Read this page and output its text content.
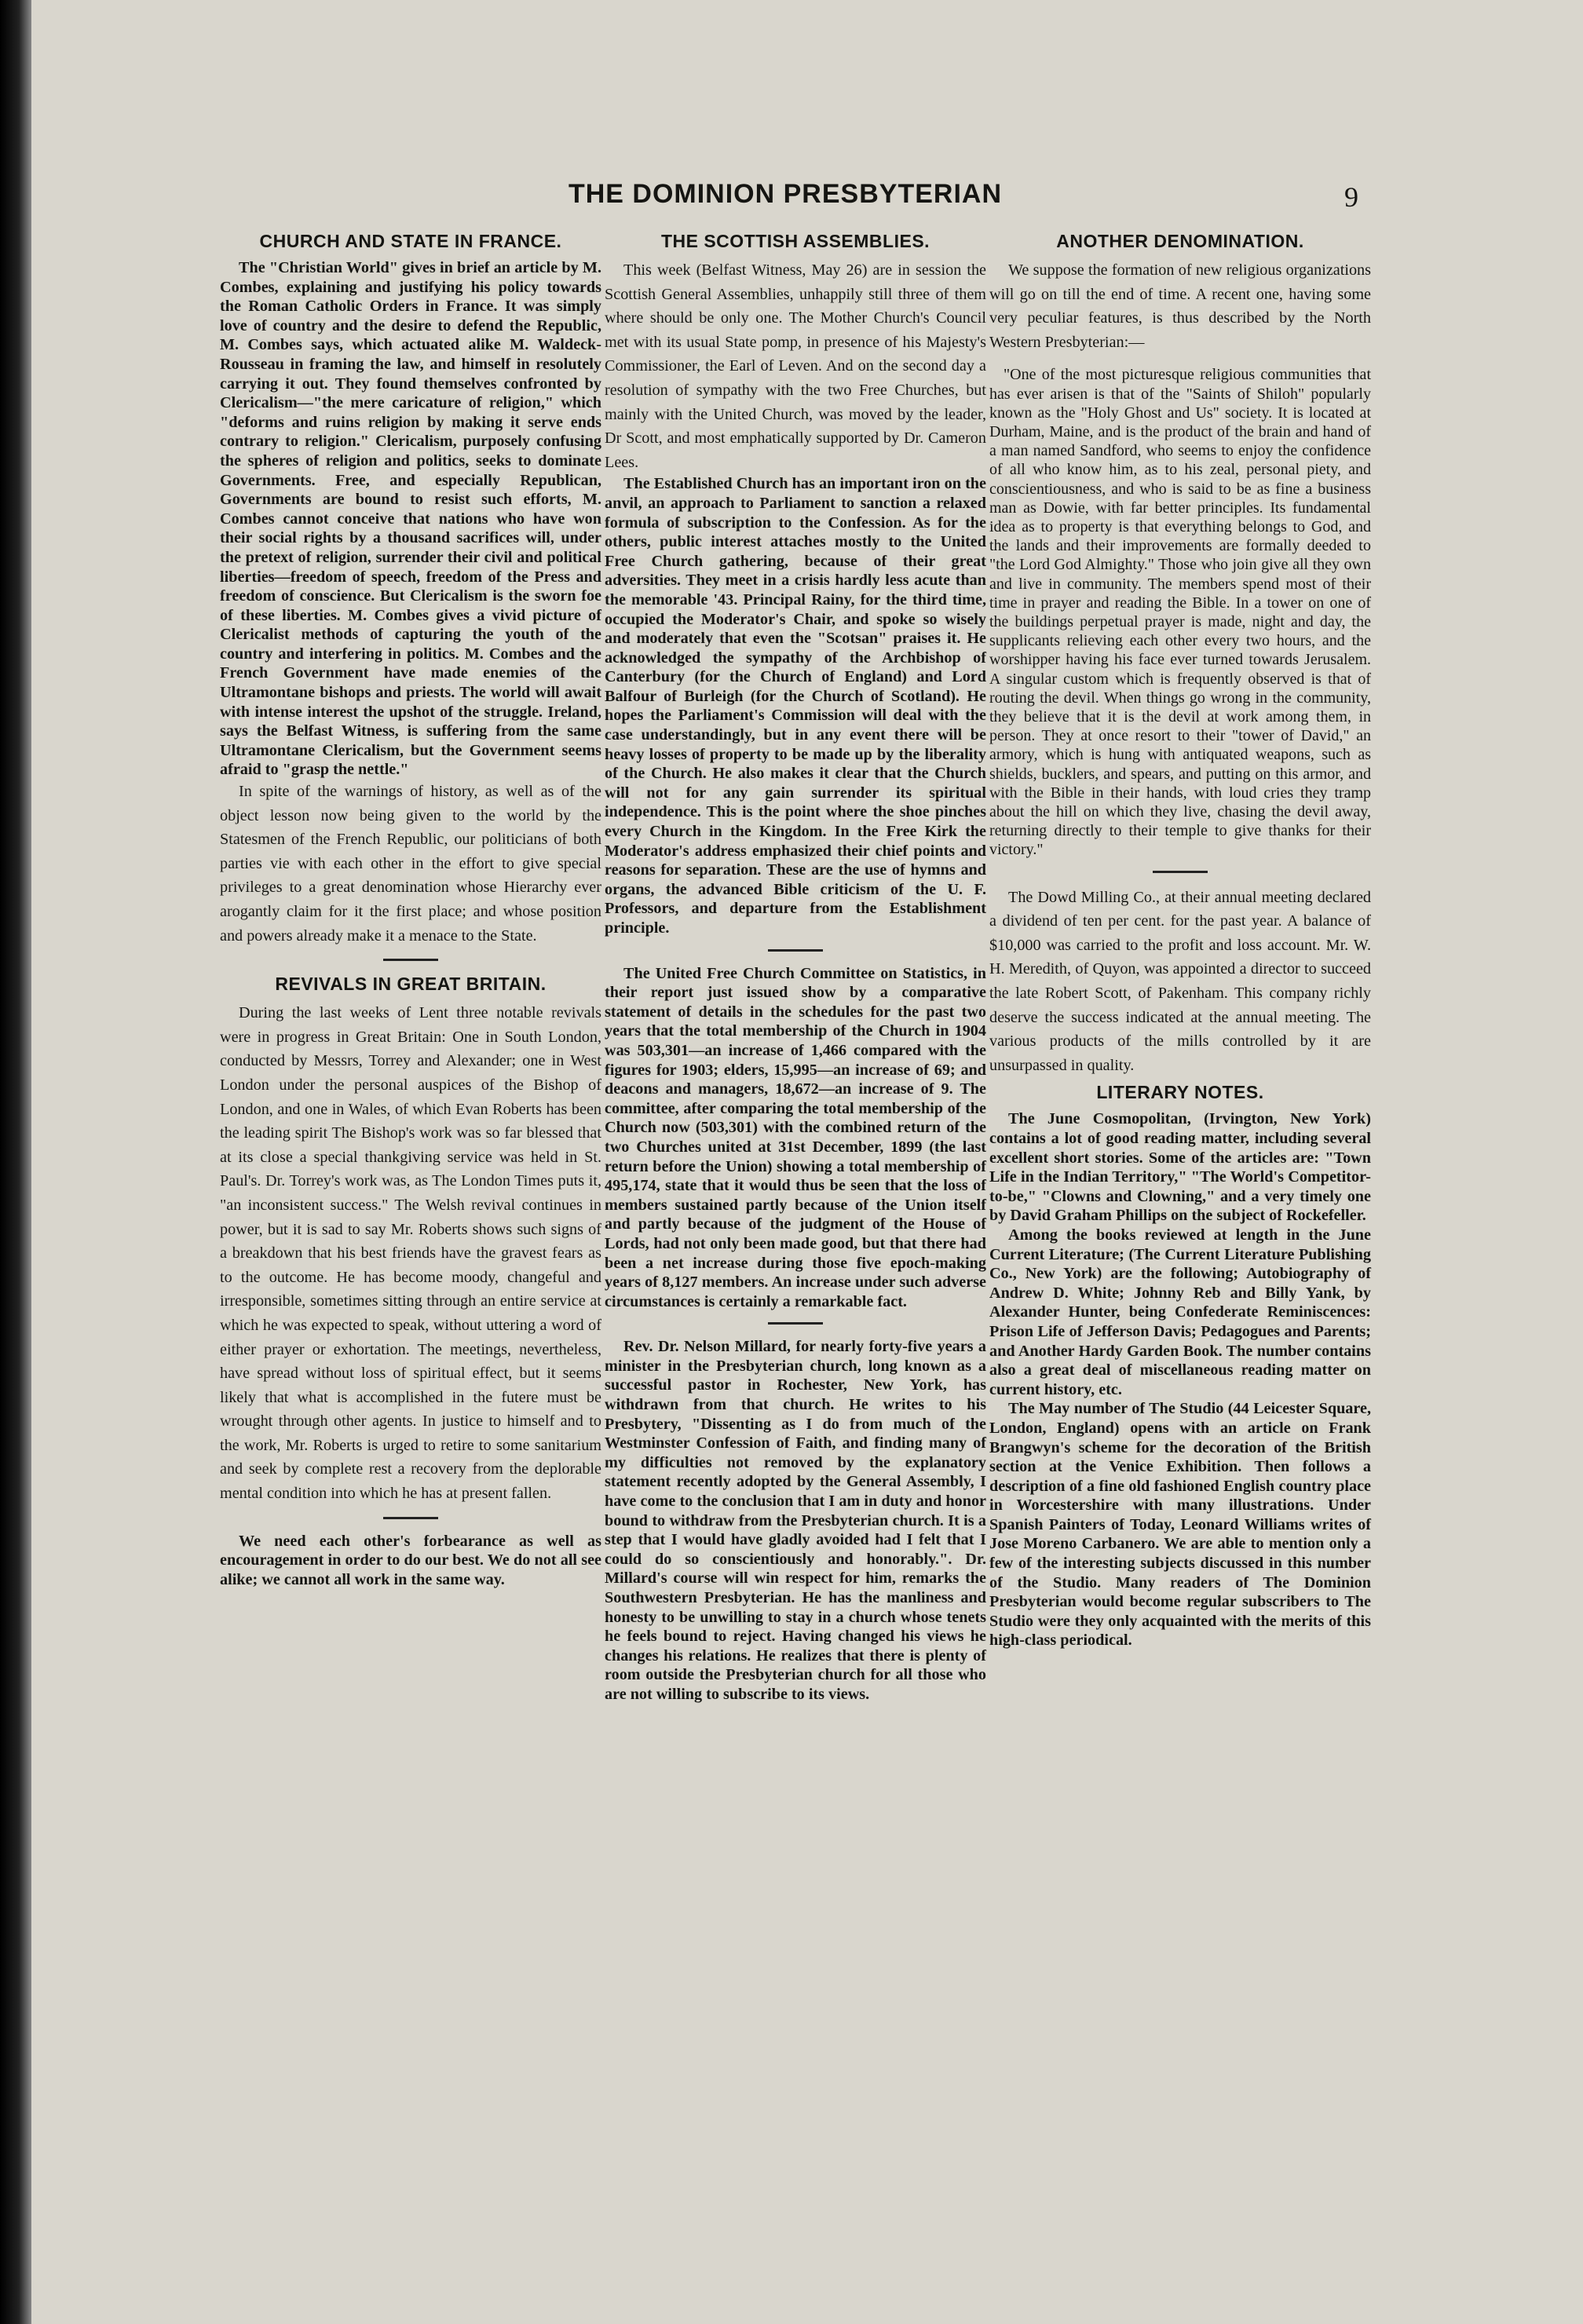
THE DOMINION PRESBYTERIAN	9
CHURCH AND STATE IN FRANCE.

The "Christian World" gives in brief an article by M. Combes, explaining and justifying his policy towards the Roman Catholic Orders in France. It was simply love of country and the desire to defend the Republic, M. Combes says, which actuated alike M. Waldeck-Rousseau in framing the law, and himself in resolutely carrying it out. They found themselves confronted by Clericalism—"the mere caricature of religion," which "deforms and ruins religion by making it serve ends contrary to religion." Clericalism, purposely confusing the spheres of religion and politics, seeks to dominate Governments. Free, and especially Republican, Governments are bound to resist such efforts, M. Combes cannot conceive that nations who have won their social rights by a thousand sacrifices will, under the pretext of religion, surrender their civil and political liberties—freedom of speech, freedom of the Press and freedom of conscience. But Clericalism is the sworn foe of these liberties. M. Combes gives a vivid picture of Clericalist methods of capturing the youth of the country and interfering in politics. M. Combes and the French Government have made enemies of the Ultramontane bishops and priests. The world will await with intense interest the upshot of the struggle. Ireland, says the Belfast Witness, is suffering from the same Ultramontane Clericalism, but the Government seems afraid to "grasp the nettle."

In spite of the warnings of history, as well as of the object lesson now being given to the world by the Statesmen of the French Republic, our politicians of both parties vie with each other in the effort to give special privileges to a great denomination whose Hierarchy ever arogantly claim for it the first place; and whose position and powers already make it a menace to the State.

REVIVALS IN GREAT BRITAIN.

During the last weeks of Lent three notable revivals were in progress in Great Britain: One in South London, conducted by Messrs, Torrey and Alexander; one in West London under the personal auspices of the Bishop of London, and one in Wales, of which Evan Roberts has been the leading spirit The Bishop's work was so far blessed that at its close a special thankgiving service was held in St. Paul's. Dr. Torrey's work was, as The London Times puts it, "an inconsistent success." The Welsh revival continues in power, but it is sad to say Mr. Roberts shows such signs of a breakdown that his best friends have the gravest fears as to the outcome. He has become moody, changeful and irresponsible, sometimes sitting through an entire service at which he was expected to speak, without uttering a word of either prayer or exhortation. The meetings, nevertheless, have spread without loss of spiritual effect, but it seems likely that what is accomplished in the futere must be wrought through other agents. In justice to himself and to the work, Mr. Roberts is urged to retire to some sanitarium and seek by complete rest a recovery from the deplorable mental condition into which he has at present fallen.

We need each other's forbearance as well as encouragement in order to do our best. We do not all see alike; we cannot all work in the same way.

THE SCOTTISH ASSEMBLIES.

This week (Belfast Witness, May 26) are in session the Scottish General Assemblies, unhappily still three of them where should be only one. The Mother Church's Council met with its usual State pomp, in presence of his Majesty's Commissioner, the Earl of Leven. And on the second day a resolution of sympathy with the two Free Churches, but mainly with the United Church, was moved by the leader, Dr Scott, and most emphatically supported by Dr. Cameron Lees.

The Established Church has an important iron on the anvil, an approach to Parliament to sanction a relaxed formula of subscription to the Confession. As for the others, public interest attaches mostly to the United Free Church gathering, because of their great adversities. They meet in a crisis hardly less acute than the memorable '43. Principal Rainy, for the third time, occupied the Moderator's Chair, and spoke so wisely and moderately that even the "Scotsan" praises it. He acknowledged the sympathy of the Archbishop of Canterbury (for the Church of England) and Lord Balfour of Burleigh (for the Church of Scotland). He hopes the Parliament's Commission will deal with the case understandingly, but in any event there will be heavy losses of property to be made up by the liberality of the Church. He also makes it clear that the Church will not for any gain surrender its spiritual independence. This is the point where the shoe pinches every Church in the Kingdom. In the Free Kirk the Moderator's address emphasized their chief points and reasons for separation. These are the use of hymns and organs, the advanced Bible criticism of the U. F. Professors, and departure from the Establishment principle.

The United Free Church Committee on Statistics, in their report just issued show by a comparative statement of details in the schedules for the past two years that the total membership of the Church in 1904 was 503,301—an increase of 1,466 compared with the figures for 1903; elders, 15,995—an increase of 69; and deacons and managers, 18,672—an increase of 9. The committee, after comparing the total membership of the Church now (503,301) with the combined return of the two Churches united at 31st December, 1899 (the last return before the Union) showing a total membership of 495,174, state that it would thus be seen that the loss of members sustained partly because of the Union itself and partly because of the judgment of the House of Lords, had not only been made good, but that there had been a net increase during those five epoch-making years of 8,127 members. An increase under such adverse circumstances is certainly a remarkable fact.

Rev. Dr. Nelson Millard, for nearly forty-five years a minister in the Presbyterian church, long known as a successful pastor in Rochester, New York, has withdrawn from that church. He writes to his Presbytery, "Dissenting as I do from much of the Westminster Confession of Faith, and finding many of my difficulties not removed by the explanatory statement recently adopted by the General Assembly, I have come to the conclusion that I am in duty and honor bound to withdraw from the Presbyterian church. It is a step that I would have gladly avoided had I felt that I could do so conscientiously and honorably.". Dr. Millard's course will win respect for him, remarks the Southwestern Presbyterian. He has the manliness and honesty to be unwilling to stay in a church whose tenets he feels bound to reject. Having changed his views he changes his relations. He realizes that there is plenty of room outside the Presbyterian church for all those who are not willing to subscribe to its views.

ANOTHER DENOMINATION.

We suppose the formation of new religious organizations will go on till the end of time. A recent one, having some very peculiar features, is thus described by the North Western Presbyterian:—

"One of the most picturesque religious communities that has ever arisen is that of the "Saints of Shiloh" popularly known as the "Holy Ghost and Us" society. It is located at Durham, Maine, and is the product of the brain and hand of a man named Sandford, who seems to enjoy the confidence of all who know him, as to his zeal, personal piety, and conscientiousness, and who is said to be as fine a business man as Dowie, with far better principles. Its fundamental idea as to property is that everything belongs to God, and the lands and their improvements are formally deeded to "the Lord God Almighty." Those who join give all they own and live in community. The members spend most of their time in prayer and reading the Bible. In a tower on one of the buildings perpetual prayer is made, night and day, the supplicants relieving each other every two hours, and the worshipper having his face ever turned towards Jerusalem. A singular custom which is frequently observed is that of routing the devil. When things go wrong in the community, they believe that it is the devil at work among them, in person. They at once resort to their "tower of David," an armory, which is hung with antiquated weapons, such as shields, bucklers, and spears, and putting on this armor, and with the Bible in their hands, with loud cries they tramp about the hill on which they live, chasing the devil away, returning directly to their temple to give thanks for their victory."

The Dowd Milling Co., at their annual meeting declared a dividend of ten per cent. for the past year. A balance of $10,000 was carried to the profit and loss account. Mr. W. H. Meredith, of Quyon, was appointed a director to succeed the late Robert Scott, of Pakenham. This company richly deserve the success indicated at the annual meeting. The various products of the mills controlled by it are unsurpassed in quality.

LITERARY NOTES.

The June Cosmopolitan, (Irvington, New York) contains a lot of good reading matter, including several excellent short stories. Some of the articles are: "Town Life in the Indian Territory," "The World's Competitor-to-be," "Clowns and Clowning," and a very timely one by David Graham Phillips on the subject of Rockefeller.

Among the books reviewed at length in the June Current Literature; (The Current Literature Publishing Co., New York) are the following; Autobiography of Andrew D. White; Johnny Reb and Billy Yank, by Alexander Hunter, being Confederate Reminiscences: Prison Life of Jefferson Davis; Pedagogues and Parents; and Another Hardy Garden Book. The number contains also a great deal of miscellaneous reading matter on current history, etc.

The May number of The Studio (44 Leicester Square, London, England) opens with an article on Frank Brangwyn's scheme for the decoration of the British section at the Venice Exhibition. Then follows a description of a fine old fashioned English country place in Worcestershire with many illustrations. Under Spanish Painters of Today, Leonard Williams writes of Jose Moreno Carbanero. We are able to mention only a few of the interesting subjects discussed in this number of the Studio. Many readers of The Dominion Presbyterian would become regular subscribers to The Studio were they only acquainted with the merits of this high-class periodical.
